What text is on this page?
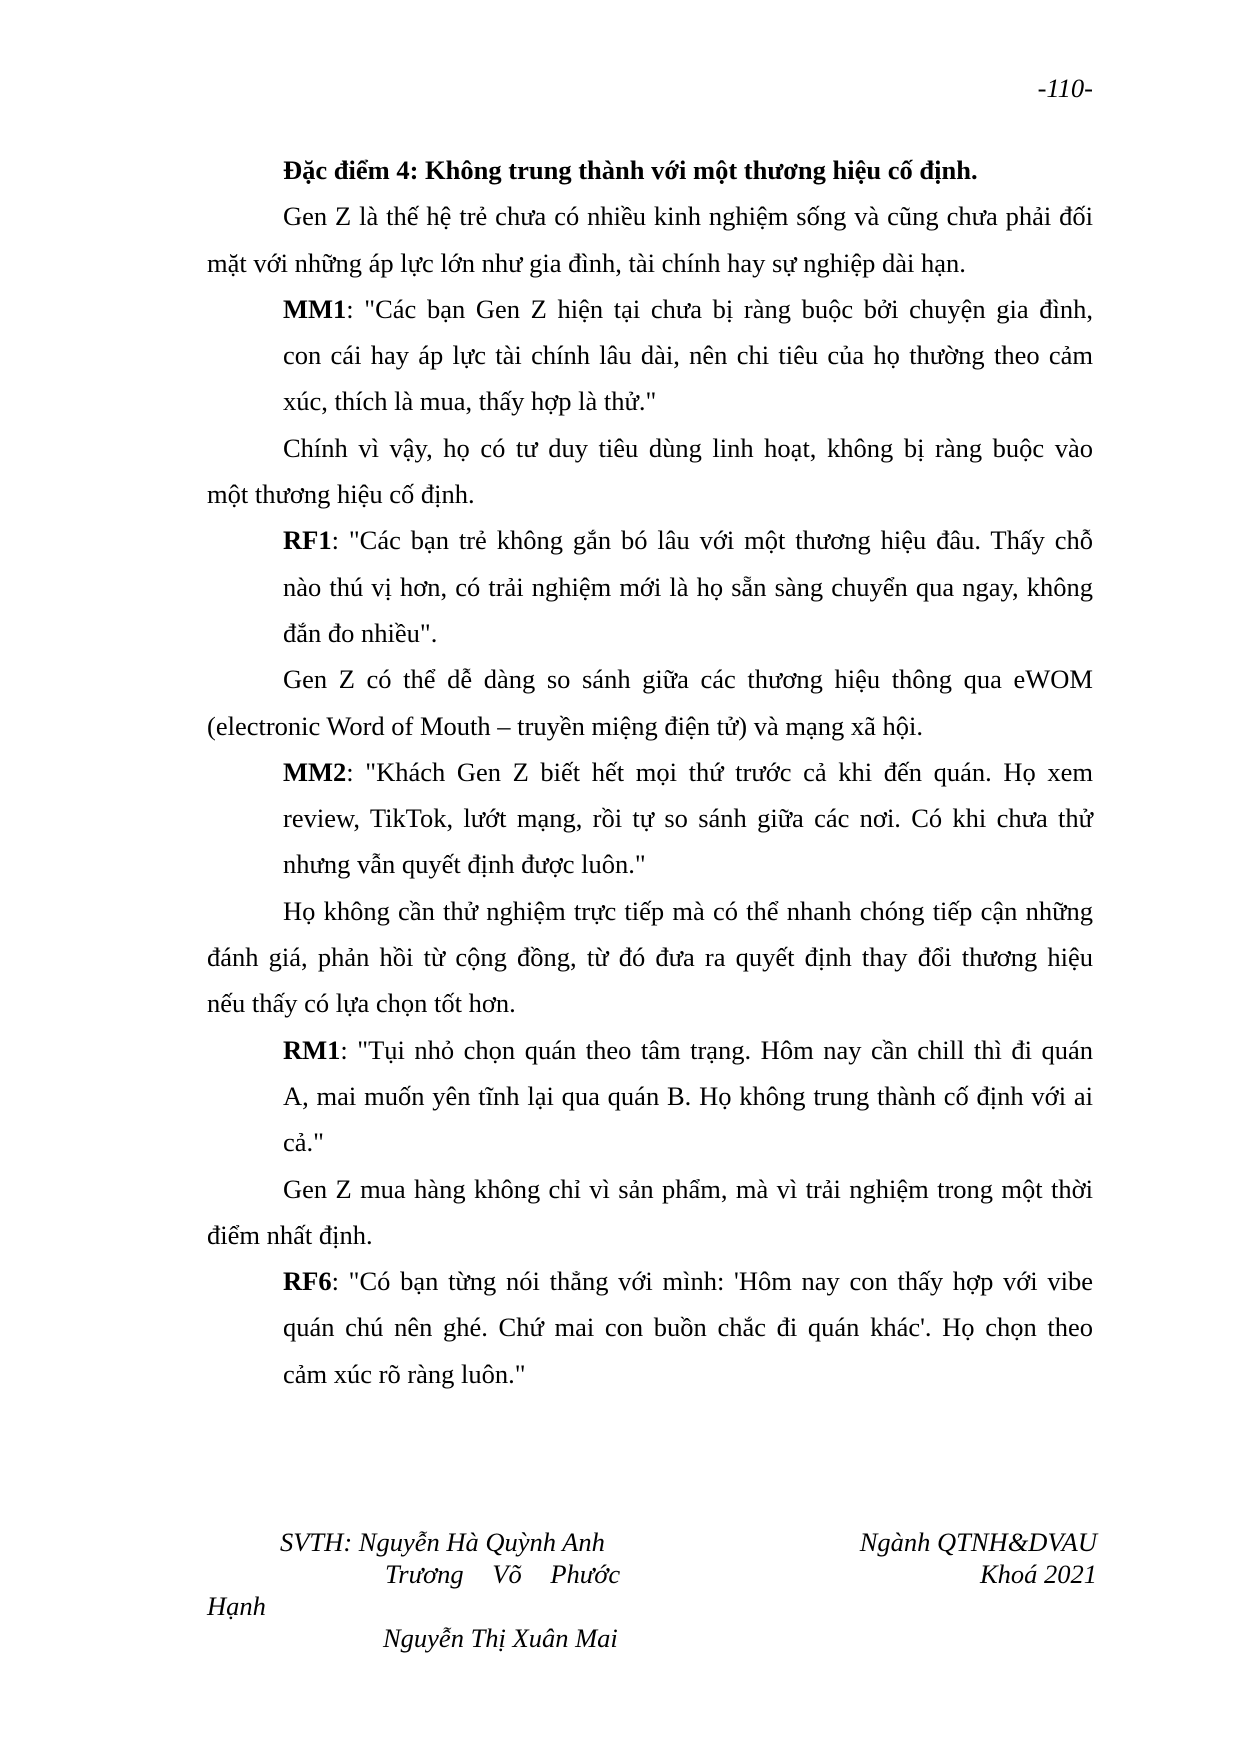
-110-
Đặc điểm 4: Không trung thành với một thương hiệu cố định.
Gen Z là thế hệ trẻ chưa có nhiều kinh nghiệm sống và cũng chưa phải đối
mặt với những áp lực lớn như gia đình, tài chính hay sự nghiệp dài hạn.
MM1: "Các bạn Gen Z hiện tại chưa bị ràng buộc bởi chuyện gia đình,
con cái hay áp lực tài chính lâu dài, nên chi tiêu của họ thường theo cảm
xúc, thích là mua, thấy hợp là thử."
Chính vì vậy, họ có tư duy tiêu dùng linh hoạt, không bị ràng buộc vào
một thương hiệu cố định.
RF1: "Các bạn trẻ không gắn bó lâu với một thương hiệu đâu. Thấy chỗ
nào thú vị hơn, có trải nghiệm mới là họ sẵn sàng chuyển qua ngay, không
đắn đo nhiều".
Gen Z có thể dễ dàng so sánh giữa các thương hiệu thông qua eWOM
(electronic Word of Mouth – truyền miệng điện tử) và mạng xã hội.
MM2: "Khách Gen Z biết hết mọi thứ trước cả khi đến quán. Họ xem
review, TikTok, lướt mạng, rồi tự so sánh giữa các nơi. Có khi chưa thử
nhưng vẫn quyết định được luôn."
Họ không cần thử nghiệm trực tiếp mà có thể nhanh chóng tiếp cận những
đánh giá, phản hồi từ cộng đồng, từ đó đưa ra quyết định thay đổi thương hiệu
nếu thấy có lựa chọn tốt hơn.
RM1: "Tụi nhỏ chọn quán theo tâm trạng. Hôm nay cần chill thì đi quán
A, mai muốn yên tĩnh lại qua quán B. Họ không trung thành cố định với ai
cả."
Gen Z mua hàng không chỉ vì sản phẩm, mà vì trải nghiệm trong một thời
điểm nhất định.
RF6: "Có bạn từng nói thẳng với mình: 'Hôm nay con thấy hợp với vibe
quán chú nên ghé. Chứ mai con buồn chắc đi quán khác'. Họ chọn theo
cảm xúc rõ ràng luôn."
SVTH: Nguyễn Hà Quỳnh Anh
Trương Võ Phước
Hạnh
Nguyễn Thị Xuân Mai
Ngành QTNH&DVAU
Khoá 2021
